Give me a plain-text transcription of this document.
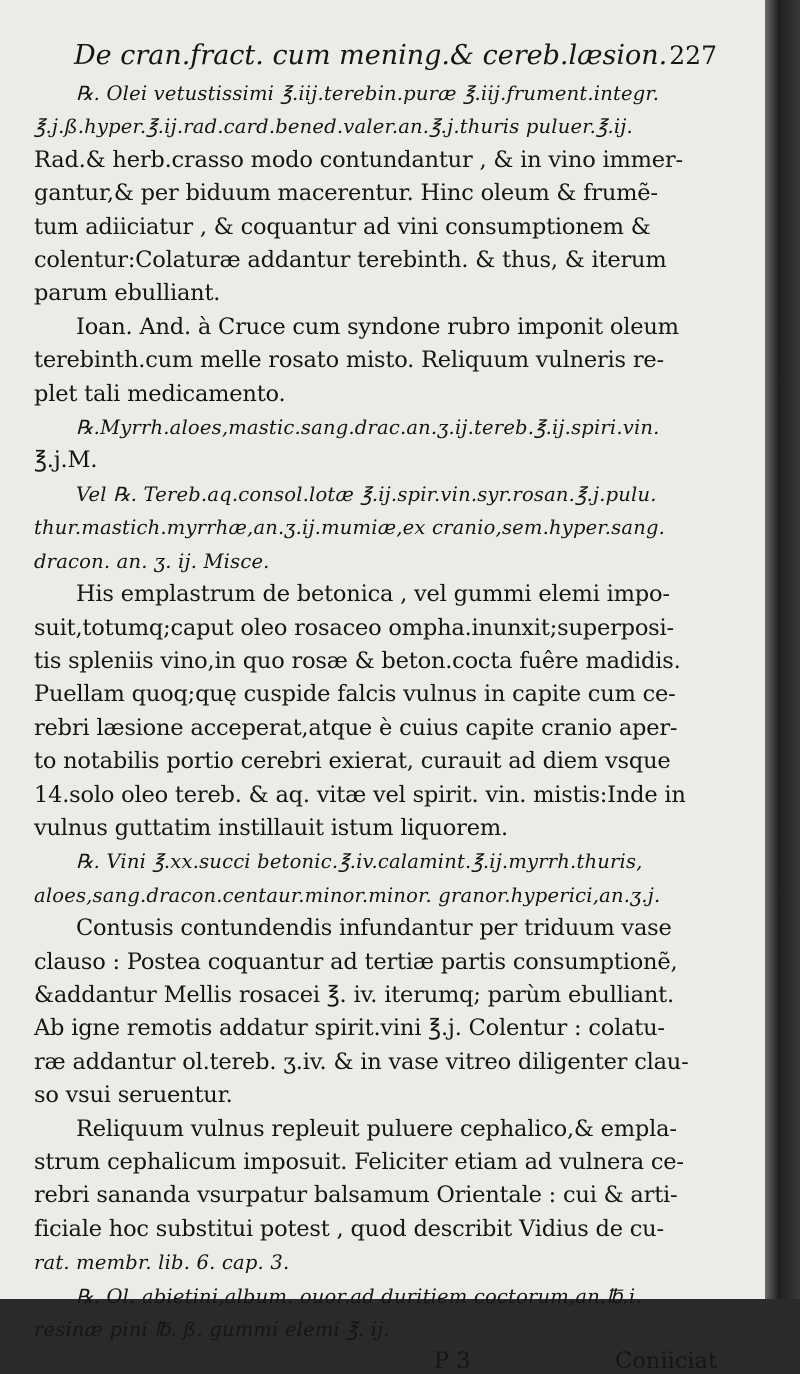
De cran.fract. cum mening.& cereb.læsion. 227
℞. Olei vetustissimi ℥.iij.terebin.puræ ℥.iij.frument.integr.
℥.j.ß.hyper.℥.ij.rad.card.bened.valer.an.℥.j.thuris puluer.℥.ij.
Rad.& herb.crasso modo contundantur , & in vino immer-
gantur,& per biduum macerentur. Hinc oleum & frumẽ-
tum adiiciatur , & coquantur ad vini consumptionem &
colentur:Colaturæ addantur terebinth. & thus, & iterum
parum ebulliant.
Ioan. And. à Cruce cum syndone rubro imponit oleum
terebinth.cum melle rosato misto. Reliquum vulneris re-
plet tali medicamento.
℞.Myrrh.aloes,mastic.sang.drac.an.ʒ.ij.tereb.℥.ij.spiri.vin.
℥.j.M.
Vel ℞. Tereb.aq.consol.lotæ ℥.ij.spir.vin.syr.rosan.℥.j.pulu.
thur.mastich.myrrhæ,an.ʒ.ij.mumiæ,ex cranio,sem.hyper.sang.
dracon. an. ʒ. ij. Misce.
His emplastrum de betonica , vel gummi elemi impo-
suit,totumq;caput oleo rosaceo ompha.inunxit;superposi-
tis spleniis vino,in quo rosæ & beton.cocta fuêre madidis.
Puellam quoq;quę cuspide falcis vulnus in capite cum ce-
rebri læsione acceperat,atque è cuius capite cranio aper-
to notabilis portio cerebri exierat, curauit ad diem vsque
14.solo oleo tereb. & aq. vitæ vel spirit. vin. mistis:Inde in
vulnus guttatim instillauit istum liquorem.
℞. Vini ℥.xx.succi betonic.℥.iv.calamint.℥.ij.myrrh.thuris,
aloes,sang.dracon.centaur.minor.minor. granor.hyperici,an.ʒ.j.
Contusis contundendis infundantur per triduum vase
clauso : Postea coquantur ad tertiæ partis consumptionẽ,
&addantur Mellis rosacei ℥. iv. iterumq; parùm ebulliant.
Ab igne remotis addatur spirit.vini ℥.j. Colentur : colatu-
ræ addantur ol.tereb. ʒ.iv. & in vase vitreo diligenter clau-
so vsui seruentur.
Reliquum vulnus repleuit puluere cephalico,& empla-
strum cephalicum imposuit. Feliciter etiam ad vulnera ce-
rebri sananda vsurpatur balsamum Orientale : cui & arti-
ficiale hoc substitui potest , quod describit Vidius de cu-
rat. membr. lib. 6. cap. 3.
℞. Ol. abietini,album. ouor.ad duritiem coctorum,an.℔.i.
resinæ pini ℔. ß. gummi elemi ℥. ij.
P 3	Coniiciat
